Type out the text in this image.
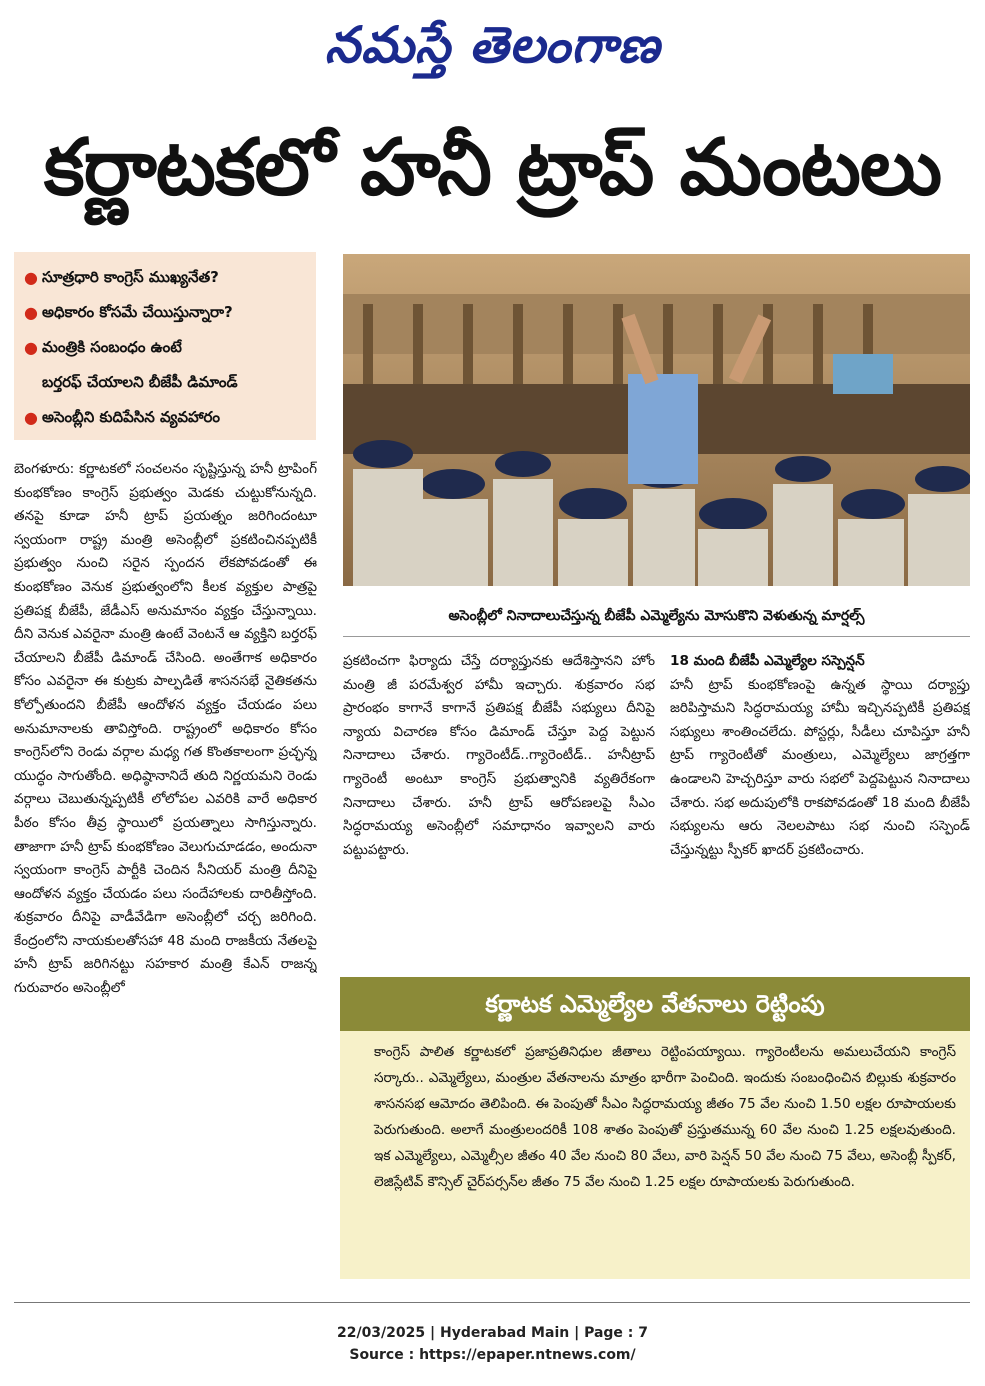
నమస్తే తెలంగాణ
కర్ణాటకలో హనీ ట్రాప్ మంటలు
● సూత్రధారి కాంగ్రెస్ ముఖ్యనేత?
● అధికారం కోసమే చేయిస్తున్నారా?
● మంత్రికి సంబంధం ఉంటే
బర్తరఫ్ చేయాలని బీజేపీ డిమాండ్
● అసెంబ్లీని కుదిపేసిన వ్యవహారం
అసెంబ్లీలో నినాదాలుచేస్తున్న బీజేపీ ఎమ్మెల్యేను మోసుకొని వెళుతున్న మార్షల్స్

బెంగళూరు: కర్ణాటకలో సంచలనం సృష్టిస్తున్న హనీ ట్రాపింగ్ కుంభకోణం కాంగ్రెస్ ప్రభుత్వం మెడకు చుట్టుకోనున్నది. తనపై కూడా హనీ ట్రాప్ ప్రయత్నం జరిగిందంటూ స్వయంగా రాష్ట్ర మంత్రి అసెంబ్లీలో ప్రకటించినప్పటికీ ప్రభుత్వం నుంచి సరైన స్పందన లేకపోవడంతో ఈ కుంభకోణం వెనుక ప్రభుత్వంలోని కీలక వ్యక్తుల పాత్రపై ప్రతిపక్ష బీజేపీ, జేడీఎస్ అనుమానం వ్యక్తం చేస్తున్నాయి. దీని వెనుక ఎవరైనా మంత్రి ఉంటే వెంటనే ఆ వ్యక్తిని బర్తరఫ్ చేయాలని బీజేపీ డిమాండ్ చేసింది. అంతేగాక అధికారం కోసం ఎవరైనా ఈ కుట్రకు పాల్పడితే శాసనసభే నైతికతను కోల్పోతుందని బీజేపీ ఆందోళన వ్యక్తం చేయడం పలు అనుమానాలకు తావిస్తోంది. రాష్ట్రంలో అధికారం కోసం కాంగ్రెస్‌లోని రెండు వర్గాల మధ్య గత కొంతకాలంగా ప్రచ్ఛన్న యుద్ధం సాగుతోంది. అధిష్ఠానానిదే తుది నిర్ణయమని రెండు వర్గాలు చెబుతున్నప్పటికీ లోలోపల ఎవరికి వారే అధికార పీఠం కోసం తీవ్ర స్థాయిలో ప్రయత్నాలు సాగిస్తున్నారు. తాజాగా హనీ ట్రాప్ కుంభకోణం వెలుగుచూడడం, అందునా స్వయంగా కాంగ్రెస్ పార్టీకి చెందిన సీనియర్ మంత్రి దీనిపై ఆందోళన వ్యక్తం చేయడం పలు సందేహాలకు దారితీస్తోంది. శుక్రవారం దీనిపై వాడీవేడిగా అసెంబ్లీలో చర్చ జరిగింది. కేంద్రంలోని నాయకులతోసహా 48 మంది రాజకీయ నేతలపై హనీ ట్రాప్ జరిగినట్టు సహకార మంత్రి కేఎన్ రాజన్న గురువారం అసెంబ్లీలో

ప్రకటించగా ఫిర్యాదు చేస్తే దర్యాప్తునకు ఆదేశిస్తానని హోం మంత్రి జీ పరమేశ్వర హామీ ఇచ్చారు. శుక్రవారం సభ ప్రారంభం కాగానే కాగానే ప్రతిపక్ష బీజేపీ సభ్యులు దీనిపై న్యాయ విచారణ కోసం డిమాండ్ చేస్తూ పెద్ద పెట్టున నినాదాలు చేశారు. గ్యారెంటీడ్..గ్యారెంటీడ్.. హనీట్రాప్ గ్యారెంటీ అంటూ కాంగ్రెస్ ప్రభుత్వానికి వ్యతిరేకంగా నినాదాలు చేశారు. హనీ ట్రాప్ ఆరోపణలపై సీఎం సిద్ధరామయ్య అసెంబ్లీలో సమాధానం ఇవ్వాలని వారు పట్టుపట్టారు.

18 మంది బీజేపీ ఎమ్మెల్యేల సస్పెన్షన్

హనీ ట్రాప్ కుంభకోణంపై ఉన్నత స్థాయి దర్యాప్తు జరిపిస్తామని సిద్ధరామయ్య హామీ ఇచ్చినప్పటికీ ప్రతిపక్ష సభ్యులు శాంతించలేదు. పోస్టర్లు, సీడీలు చూపిస్తూ హనీ ట్రాప్ గ్యారెంటీతో మంత్రులు, ఎమ్మెల్యేలు జాగ్రత్తగా ఉండాలని హెచ్చరిస్తూ వారు సభలో పెద్దపెట్టున నినాదాలు చేశారు. సభ అదుపులోకి రాకపోవడంతో 18 మంది బీజేపీ సభ్యులను ఆరు నెలలపాటు సభ నుంచి సస్పెండ్ చేస్తున్నట్టు స్పీకర్ ఖాదర్ ప్రకటించారు.

కర్ణాటక ఎమ్మెల్యేల వేతనాలు రెట్టింపు
కాంగ్రెస్ పాలిత కర్ణాటకలో ప్రజాప్రతినిధుల జీతాలు రెట్టింపయ్యాయి. గ్యారెంటీలను అమలుచేయని కాంగ్రెస్ సర్కారు.. ఎమ్మెల్యేలు, మంత్రుల వేతనాలను మాత్రం భారీగా పెంచింది. ఇందుకు సంబంధించిన బిల్లుకు శుక్రవారం శాసనసభ ఆమోదం తెలిపింది. ఈ పెంపుతో సీఎం సిద్ధరామయ్య జీతం 75 వేల నుంచి 1.50 లక్షల రూపాయలకు పెరుగుతుంది. అలాగే మంత్రులందరికీ 108 శాతం పెంపుతో ప్రస్తుతమున్న 60 వేల నుంచి 1.25 లక్షలవుతుంది. ఇక ఎమ్మెల్యేలు, ఎమ్మెల్సీల జీతం 40 వేల నుంచి 80 వేలు, వారి పెన్షన్ 50 వేల నుంచి 75 వేలు, అసెంబ్లీ స్పీకర్, లెజిస్లేటివ్ కౌన్సిల్ చైర్‌పర్సన్‌ల జీతం 75 వేల నుంచి 1.25 లక్షల రూపాయలకు పెరుగుతుంది.
22/03/2025 | Hyderabad Main | Page : 7
Source : https://epaper.ntnews.com/
